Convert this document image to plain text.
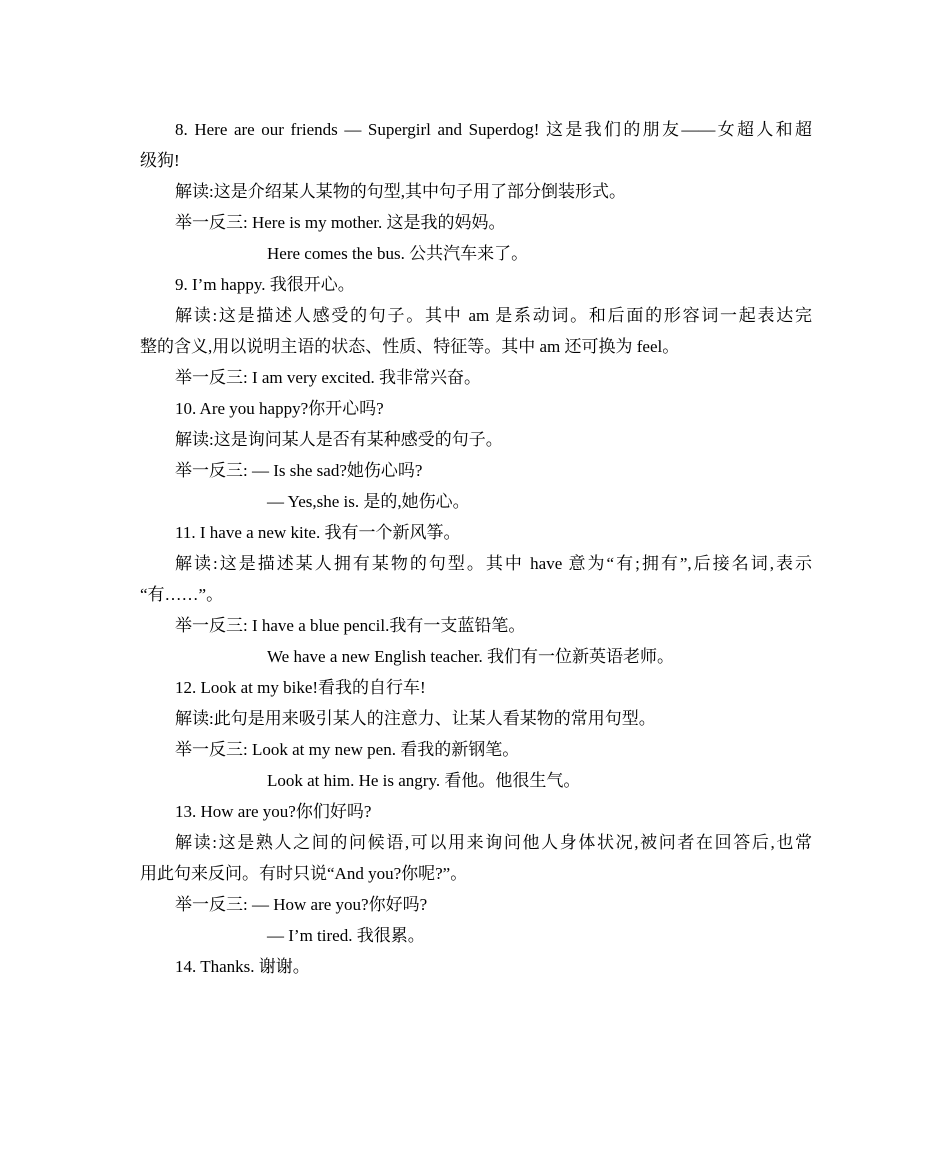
8. Here are our friends — Supergirl and Superdog! 这是我们的朋友——女超人和超
级狗!
解读:这是介绍某人某物的句型,其中句子用了部分倒装形式。
举一反三: Here is my mother. 这是我的妈妈。
Here comes the bus. 公共汽车来了。
9. I’m happy. 我很开心。
解读:这是描述人感受的句子。其中 am 是系动词。和后面的形容词一起表达完
整的含义,用以说明主语的状态、性质、特征等。其中 am 还可换为 feel。
举一反三: I am very excited. 我非常兴奋。
10. Are you happy?你开心吗?
解读:这是询问某人是否有某种感受的句子。
举一反三: — Is she sad?她伤心吗?
— Yes,she is. 是的,她伤心。
11. I have a new kite. 我有一个新风筝。
解读:这是描述某人拥有某物的句型。其中 have 意为“有;拥有”,后接名词,表示
“有……”。
举一反三: I have a blue pencil.我有一支蓝铅笔。
We have a new English teacher. 我们有一位新英语老师。
12. Look at my bike!看我的自行车!
解读:此句是用来吸引某人的注意力、让某人看某物的常用句型。
举一反三: Look at my new pen. 看我的新钢笔。
Look at him. He is angry. 看他。他很生气。
13. How are you?你们好吗?
解读:这是熟人之间的问候语,可以用来询问他人身体状况,被问者在回答后,也常
用此句来反问。有时只说“And you?你呢?”。
举一反三: — How are you?你好吗?
— I’m tired. 我很累。
14. Thanks. 谢谢。
